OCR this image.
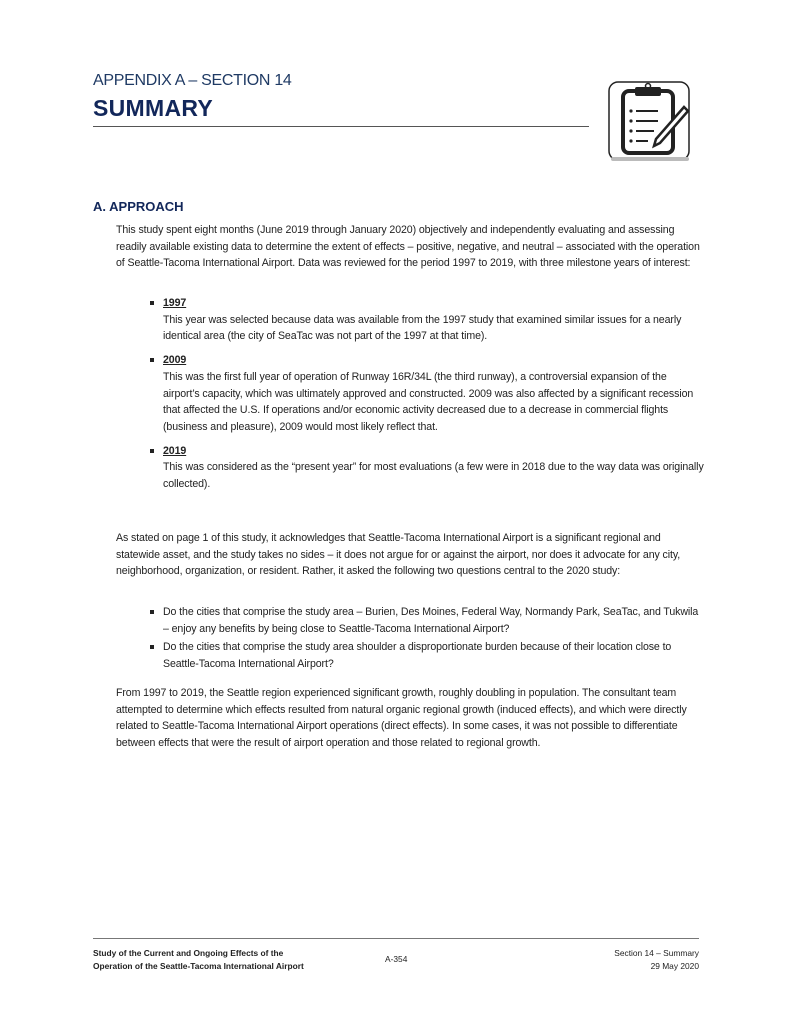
APPENDIX A – SECTION 14
SUMMARY
A. APPROACH
This study spent eight months (June 2019 through January 2020) objectively and independently evaluating and assessing readily available existing data to determine the extent of effects – positive, negative, and neutral – associated with the operation of Seattle-Tacoma International Airport. Data was reviewed for the period 1997 to 2019, with three milestone years of interest:
1997
This year was selected because data was available from the 1997 study that examined similar issues for a nearly identical area (the city of SeaTac was not part of the 1997 at that time).
2009
This was the first full year of operation of Runway 16R/34L (the third runway), a controversial expansion of the airport’s capacity, which was ultimately approved and constructed. 2009 was also affected by a significant recession that affected the U.S. If operations and/or economic activity decreased due to a decrease in commercial flights (business and pleasure), 2009 would most likely reflect that.
2019
This was considered as the “present year” for most evaluations (a few were in 2018 due to the way data was originally collected).
As stated on page 1 of this study, it acknowledges that Seattle-Tacoma International Airport is a significant regional and statewide asset, and the study takes no sides – it does not argue for or against the airport, nor does it advocate for any city, neighborhood, organization, or resident. Rather, it asked the following two questions central to the 2020 study:
Do the cities that comprise the study area – Burien, Des Moines, Federal Way, Normandy Park, SeaTac, and Tukwila – enjoy any benefits by being close to Seattle-Tacoma International Airport?
Do the cities that comprise the study area shoulder a disproportionate burden because of their location close to Seattle-Tacoma International Airport?
From 1997 to 2019, the Seattle region experienced significant growth, roughly doubling in population. The consultant team attempted to determine which effects resulted from natural organic regional growth (induced effects), and which were directly related to Seattle-Tacoma International Airport operations (direct effects). In some cases, it was not possible to differentiate between effects that were the result of airport operation and those related to regional growth.
Study of the Current and Ongoing Effects of the
Operation of the Seattle-Tacoma International Airport
A-354
Section 14 – Summary
29 May 2020
